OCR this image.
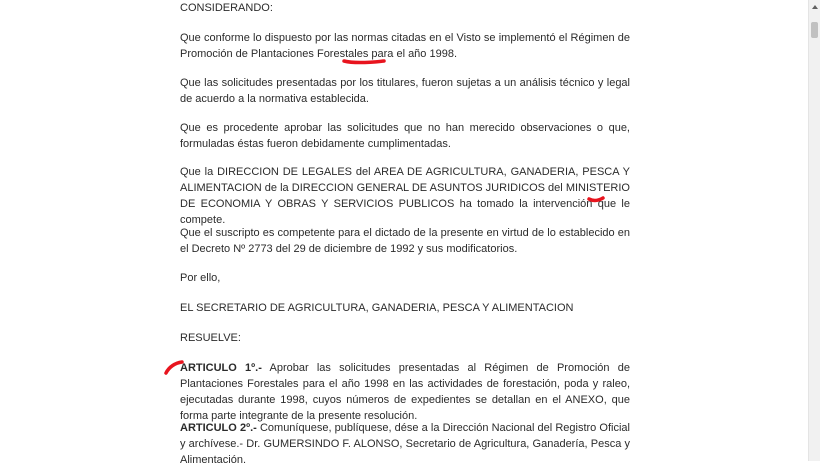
CONSIDERANDO:

Que conforme lo dispuesto por las normas citadas en el Visto se implementó el Régimen de Promoción de Plantaciones Forestales para el año 1998.

Que las solicitudes presentadas por los titulares, fueron sujetas a un análisis técnico y legal de acuerdo a la normativa establecida.

Que es procedente aprobar las solicitudes que no han merecido observaciones o que, formuladas éstas fueron debidamente cumplimentadas.

Que la DIRECCION DE LEGALES del AREA DE AGRICULTURA, GANADERIA, PESCA Y ALIMENTACION de la DIRECCION GENERAL DE ASUNTOS JURIDICOS del MINISTERIO DE ECONOMIA Y OBRAS Y SERVICIOS PUBLICOS ha tomado la intervención que le compete.

Que el suscripto es competente para el dictado de la presente en virtud de lo establecido en el Decreto Nº 2773 del 29 de diciembre de 1992 y sus modificatorios.

Por ello,

EL SECRETARIO DE AGRICULTURA, GANADERIA, PESCA Y ALIMENTACION

RESUELVE:

ARTICULO 1º.- Aprobar las solicitudes presentadas al Régimen de Promoción de Plantaciones Forestales para el año 1998 en las actividades de forestación, poda y raleo, ejecutadas durante 1998, cuyos números de expedientes se detallan en el ANEXO, que forma parte integrante de la presente resolución.

ARTICULO 2º.- Comuníquese, publíquese, dése a la Dirección Nacional del Registro Oficial y archívese.- Dr. GUMERSINDO F. ALONSO, Secretario de Agricultura, Ganadería, Pesca y Alimentación.
